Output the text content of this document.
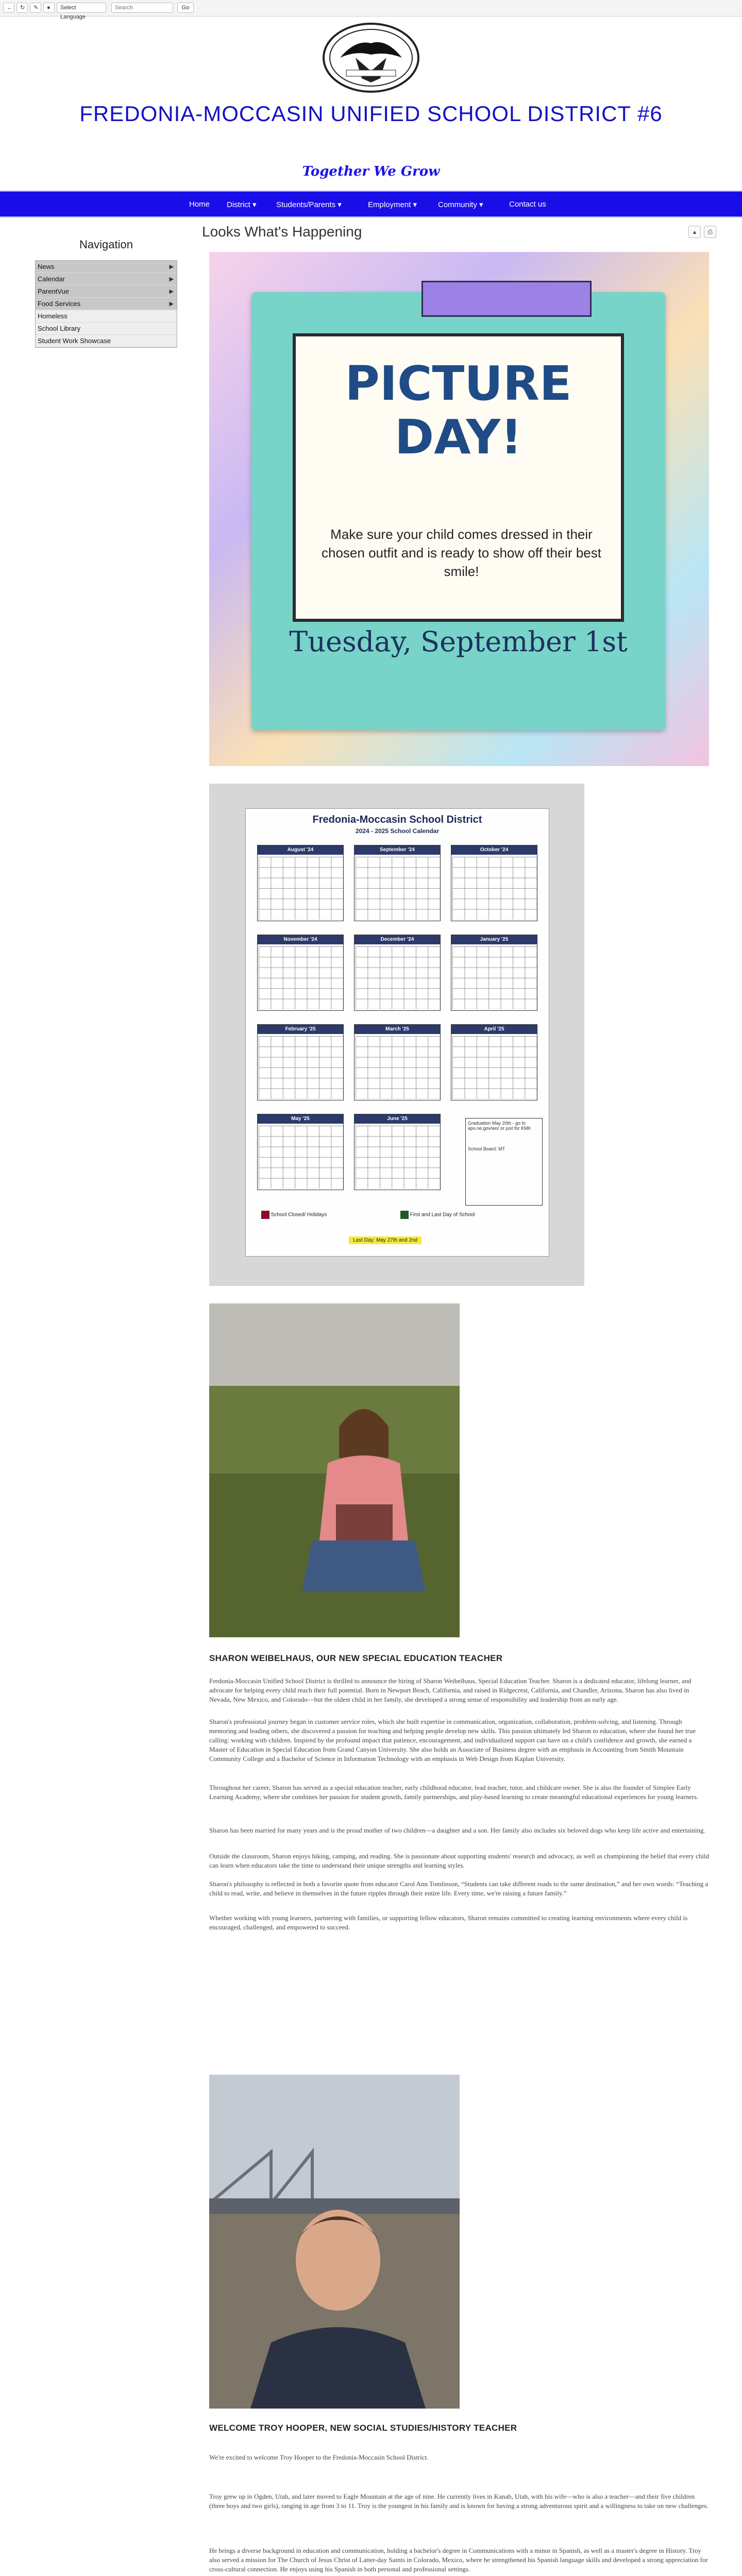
←	↻	✎	●	Select Language
Search
Go
FREDONIA-MOCCASIN UNIFIED SCHOOL DISTRICT #6
Together We Grow
Home District ▾	Students/Parents ▾	Employment ▾	Community ▾	Contact us
Navigation
News	▶
Calendar	▶
ParentVue	▶
Food Services	▶
Homeless
School Library
Student Work Showcase
Looks What's Happening	▴ ⎙
PICTURE DAY!
Make sure your child comes dressed in their chosen outfit and is ready to show off their best smile!
Tuesday, September 1st
Fredonia-Moccasin School District
2024 - 2025 School Calendar
August '24	September '24	October '24
November '24	December '24	January '25
February '25	March '25	April '25
May '25	June '25
Graduation May 20th - go to aps.ne.gov/wo/ or just for KMK
School Board: MT
School Closed/ Holidays	First and Last Day of School
Last Day: May 27th and 2nd
SHARON WEIBELHAUS, OUR NEW SPECIAL EDUCATION TEACHER
Fredonia-Moccasin Unified School District is thrilled to announce the hiring of Sharon Weibelhaus, Special Education Teacher. Sharon is a dedicated educator, lifelong learner, and advocate for helping every child reach their full potential. Born in Newport Beach, California, and raised in Ridgecrest, California, and Chandler, Arizona, Sharon has also lived in Nevada, New Mexico, and Colorado—but the oldest child in her family, she developed a strong sense of responsibility and leadership from an early age.
Sharon's professional journey began in customer service roles, which she built expertise in communication, organization, collaboration, problem-solving, and listening. Through mentoring and leading others, she discovered a passion for teaching and helping people develop new skills. This passion ultimately led Sharon to education, where she found her true calling: working with children. Inspired by the profound impact that patience, encouragement, and individualized support can have on a child's confidence and growth, she earned a Master of Education in Special Education from Grand Canyon University. She also holds an Associate of Business degree with an emphasis in Accounting from Smith Mountain Community College and a Bachelor of Science in Information Technology with an emphasis in Web Design from Kaplan University.
Throughout her career, Sharon has served as a special education teacher, early childhood educator, lead teacher, tutor, and childcare owner. She is also the founder of Simplee Early Learning Academy, where she combines her passion for student growth, family partnerships, and play-based learning to create meaningful educational experiences for young learners.
Sharon has been married for many years and is the proud mother of two children—a daughter and a son. Her family also includes six beloved dogs who keep life active and entertaining.
Outside the classroom, Sharon enjoys hiking, camping, and reading. She is passionate about supporting students' research and advocacy, as well as championing the belief that every child can learn when educators take the time to understand their unique strengths and learning styles.
Sharon's philosophy is reflected in both a favorite quote from educator Carol Ann Tomlinson, “Students can take different roads to the same destination,” and her own words: “Teaching a child to read, write, and believe in themselves in the future ripples through their entire life. Every time, we're raising a future family.”
Whether working with young learners, partnering with families, or supporting fellow educators, Sharon remains committed to creating learning environments where every child is encouraged, challenged, and empowered to succeed.
WELCOME TROY HOOPER, NEW SOCIAL STUDIES/HISTORY TEACHER
We're excited to welcome Troy Hooper to the Fredonia-Moccasin School District.
Troy grew up in Ogden, Utah, and later moved to Eagle Mountain at the age of nine. He currently lives in Kanab, Utah, with his wife—who is also a teacher—and their five children (three boys and two girls), ranging in age from 3 to 11. Troy is the youngest in his family and is known for having a strong adventurous spirit and a willingness to take on new challenges.
He brings a diverse background in education and communication, holding a bachelor's degree in Communications with a minor in Spanish, as well as a master's degree in History. Troy also served a mission for The Church of Jesus Christ of Latter-day Saints in Colorado, Mexico, where he strengthened his Spanish language skills and developed a strong appreciation for cross-cultural connection. He enjoys using his Spanish in both personal and professional settings.
